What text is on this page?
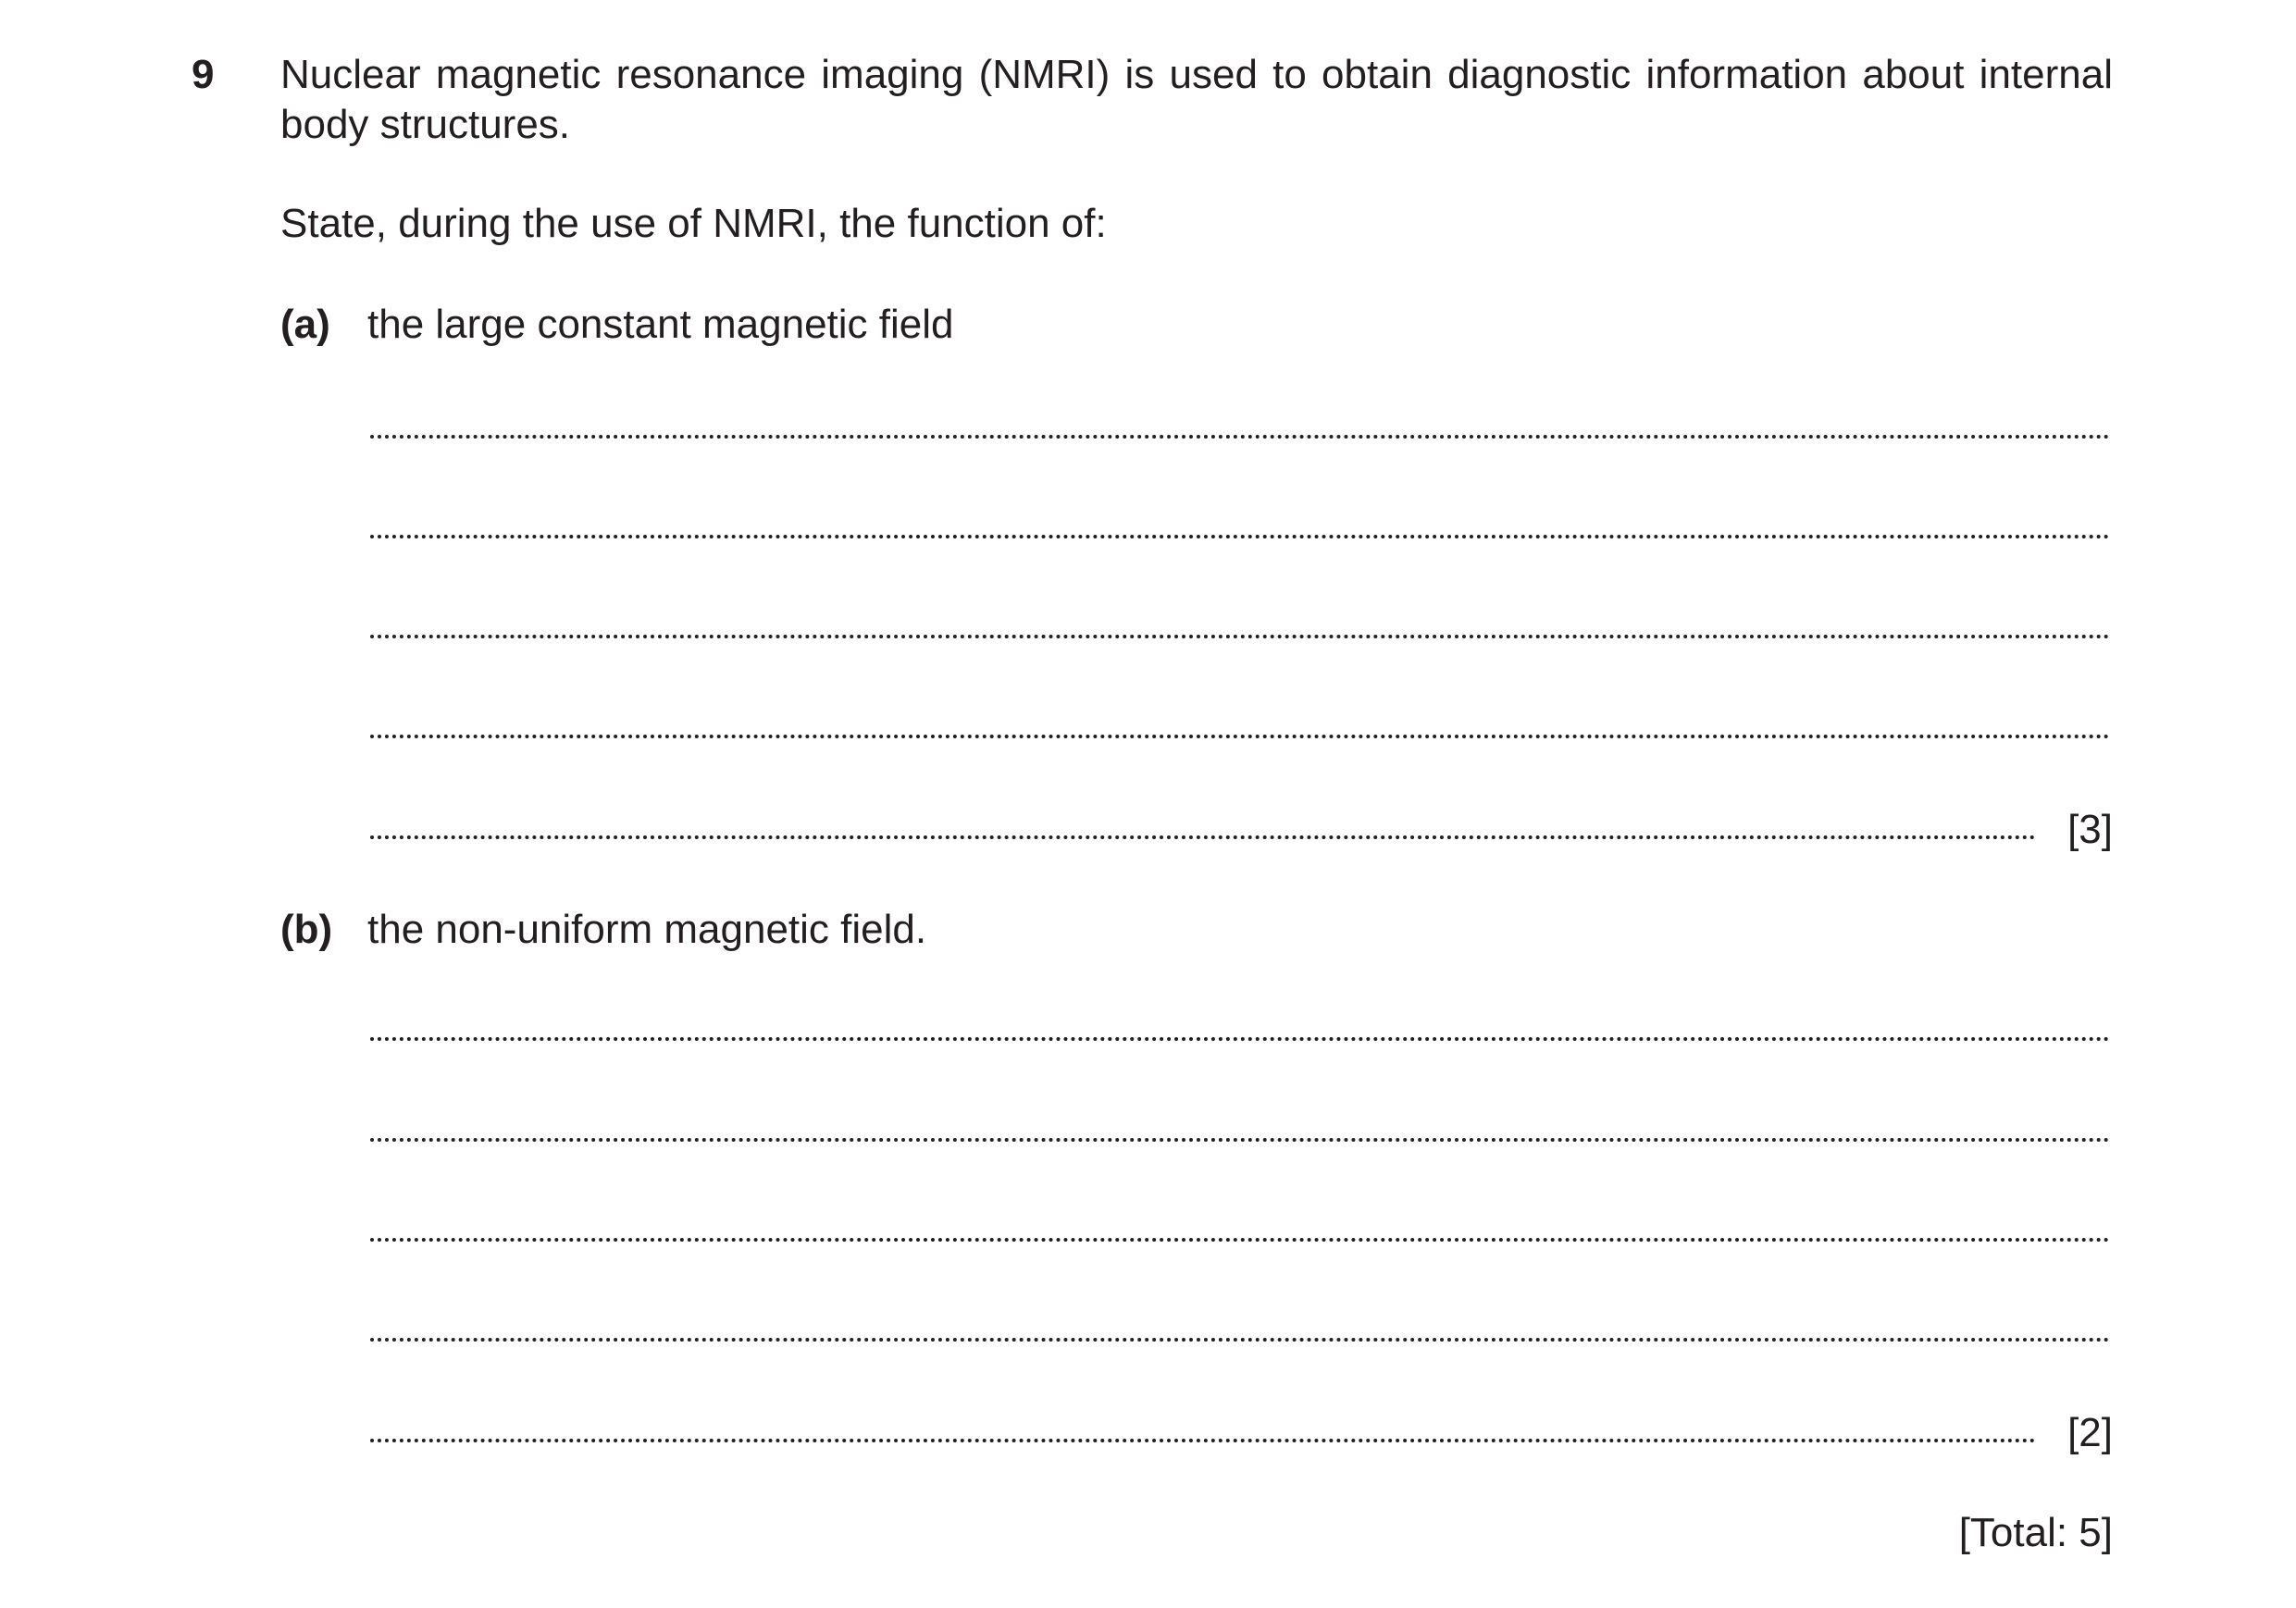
9 Nuclear magnetic resonance imaging (NMRI) is used to obtain diagnostic information about internal body structures.
State, during the use of NMRI, the function of:
(a) the large constant magnetic field
[3]
(b) the non-uniform magnetic field.
[2]
[Total: 5]
